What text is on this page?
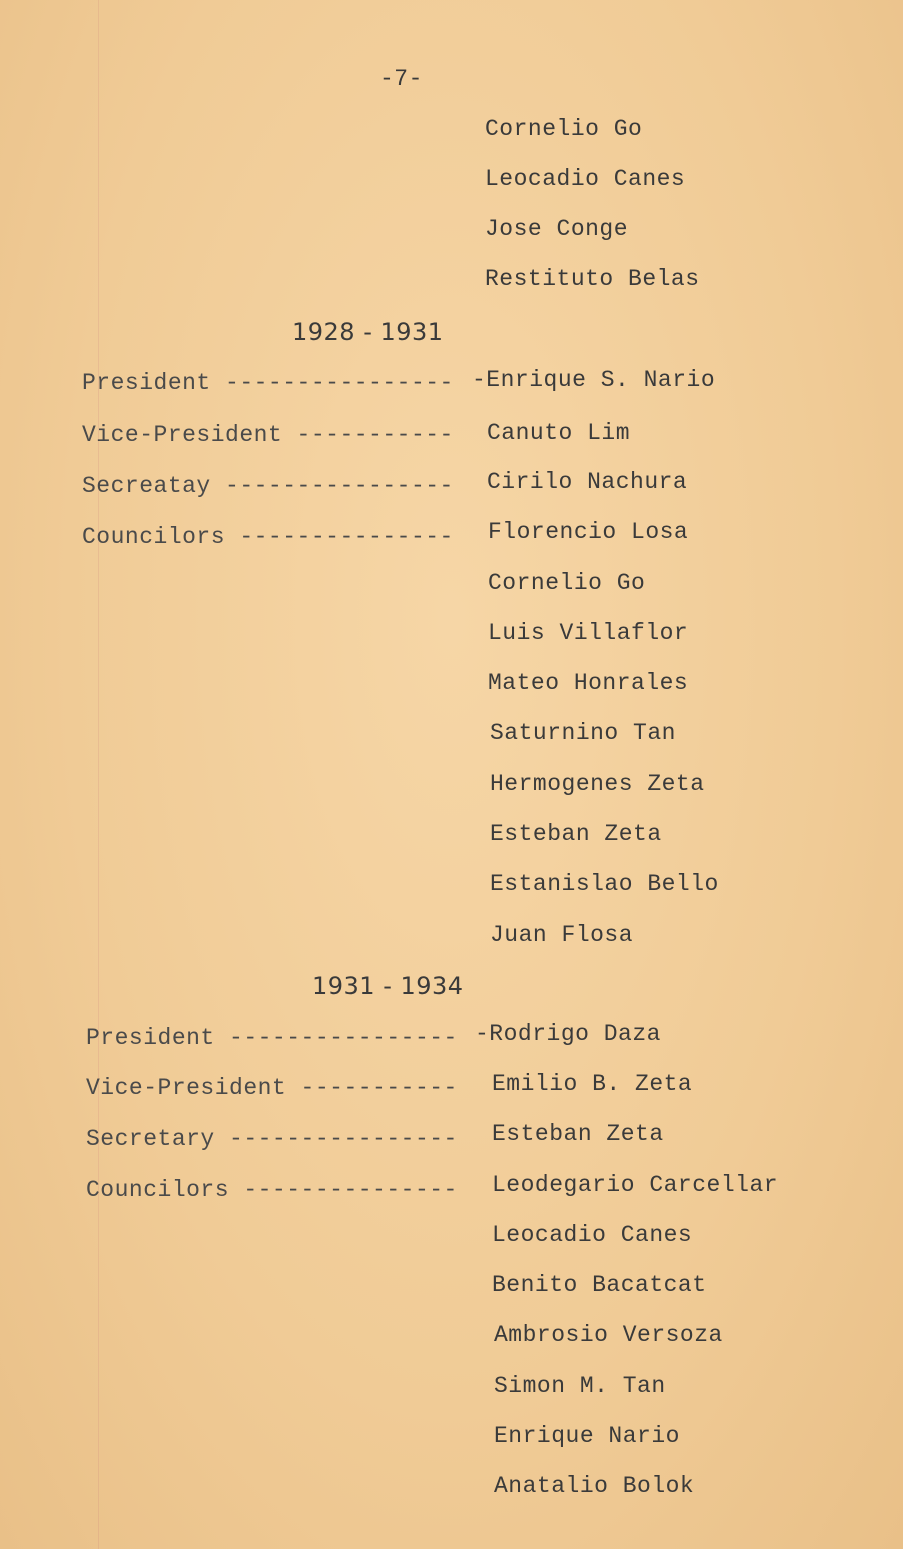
-7-
Cornelio Go
Leocadio Canes
Jose Conge
Restituto Belas
1928 - 1931
President ---------------- -Enrique S. Nario
Vice-President ----------- Canuto Lim
Secreatay ---------------- Cirilo Nachura
Councilors --------------- Florencio Losa
Cornelio Go
Luis Villaflor
Mateo Honrales
Saturnino Tan
Hermogenes Zeta
Esteban Zeta
Estanislao Bello
Juan Flosa
1931 - 1934
President ---------------- -Rodrigo Daza
Vice-President ----------- Emilio B. Zeta
Secretary ---------------- Esteban Zeta
Councilors --------------- Leodegario Carcellar
Leocadio Canes
Benito Bacatcat
Ambrosio Versoza
Simon M. Tan
Enrique Nario
Anatalio Bolok
